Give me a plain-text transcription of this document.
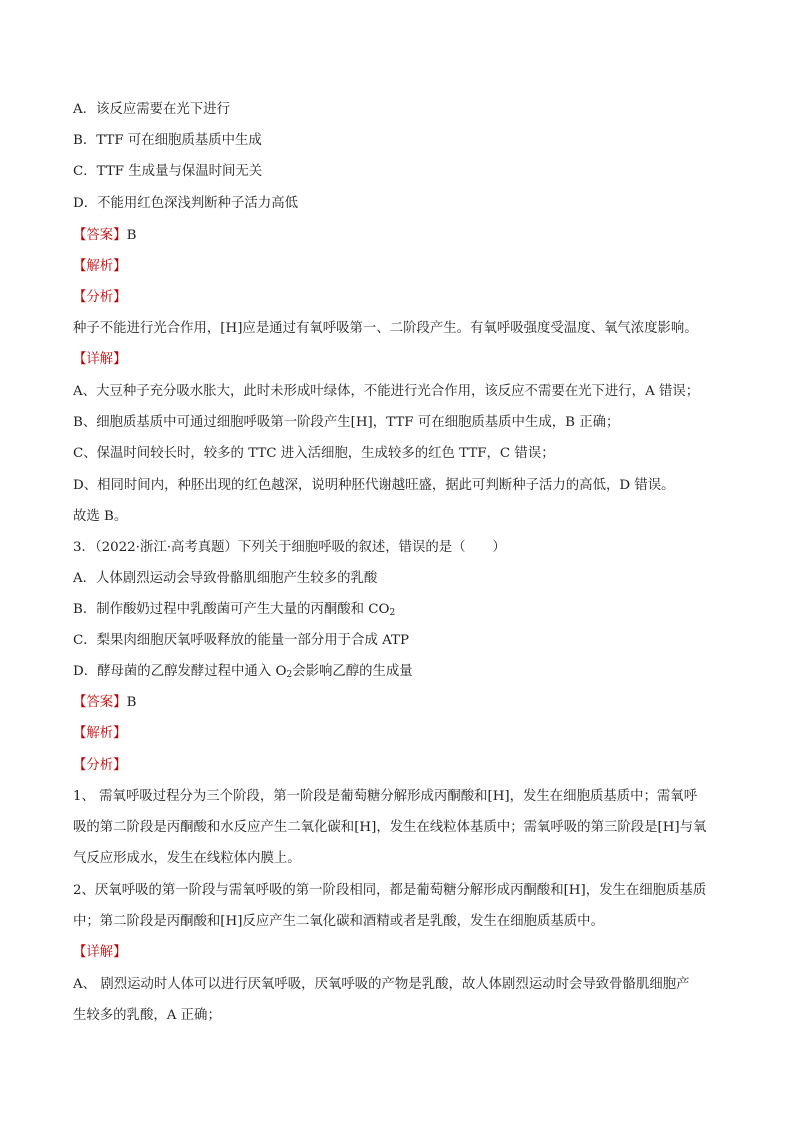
A．该反应需要在光下进行
B．TTF 可在细胞质基质中生成
C．TTF 生成量与保温时间无关
D．不能用红色深浅判断种子活力高低
【答案】B
【解析】
【分析】
种子不能进行光合作用，[H]应是通过有氧呼吸第一、二阶段产生。有氧呼吸强度受温度、氧气浓度影响。
【详解】
A、大豆种子充分吸水胀大，此时未形成叶绿体，不能进行光合作用，该反应不需要在光下进行，A 错误；
B、细胞质基质中可通过细胞呼吸第一阶段产生[H]，TTF 可在细胞质基质中生成，B 正确；
C、保温时间较长时，较多的 TTC 进入活细胞，生成较多的红色 TTF，C 错误；
D、相同时间内，种胚出现的红色越深，说明种胚代谢越旺盛，据此可判断种子活力的高低，D 错误。
故选 B。
3．（2022·浙江·高考真题）下列关于细胞呼吸的叙述，错误的是（　　）
A．人体剧烈运动会导致骨骼肌细胞产生较多的乳酸
B．制作酸奶过程中乳酸菌可产生大量的丙酮酸和 $CO_2$
C．梨果肉细胞厌氧呼吸释放的能量一部分用于合成 ATP
D．酵母菌的乙醇发酵过程中通入 $O_2$会影响乙醇的生成量
【答案】B
【解析】
【分析】
1、 需氧呼吸过程分为三个阶段，第一阶段是葡萄糖分解形成丙酮酸和[H]，发生在细胞质基质中；需氧呼
吸的第二阶段是丙酮酸和水反应产生二氧化碳和[H]，发生在线粒体基质中；需氧呼吸的第三阶段是[H]与氧
气反应形成水，发生在线粒体内膜上。
2、厌氧呼吸的第一阶段与需氧呼吸的第一阶段相同，都是葡萄糖分解形成丙酮酸和[H]，发生在细胞质基质
中；第二阶段是丙酮酸和[H]反应产生二氧化碳和酒精或者是乳酸，发生在细胞质基质中。
【详解】
A、 剧烈运动时人体可以进行厌氧呼吸，厌氧呼吸的产物是乳酸，故人体剧烈运动时会导致骨骼肌细胞产
生较多的乳酸，A 正确；
